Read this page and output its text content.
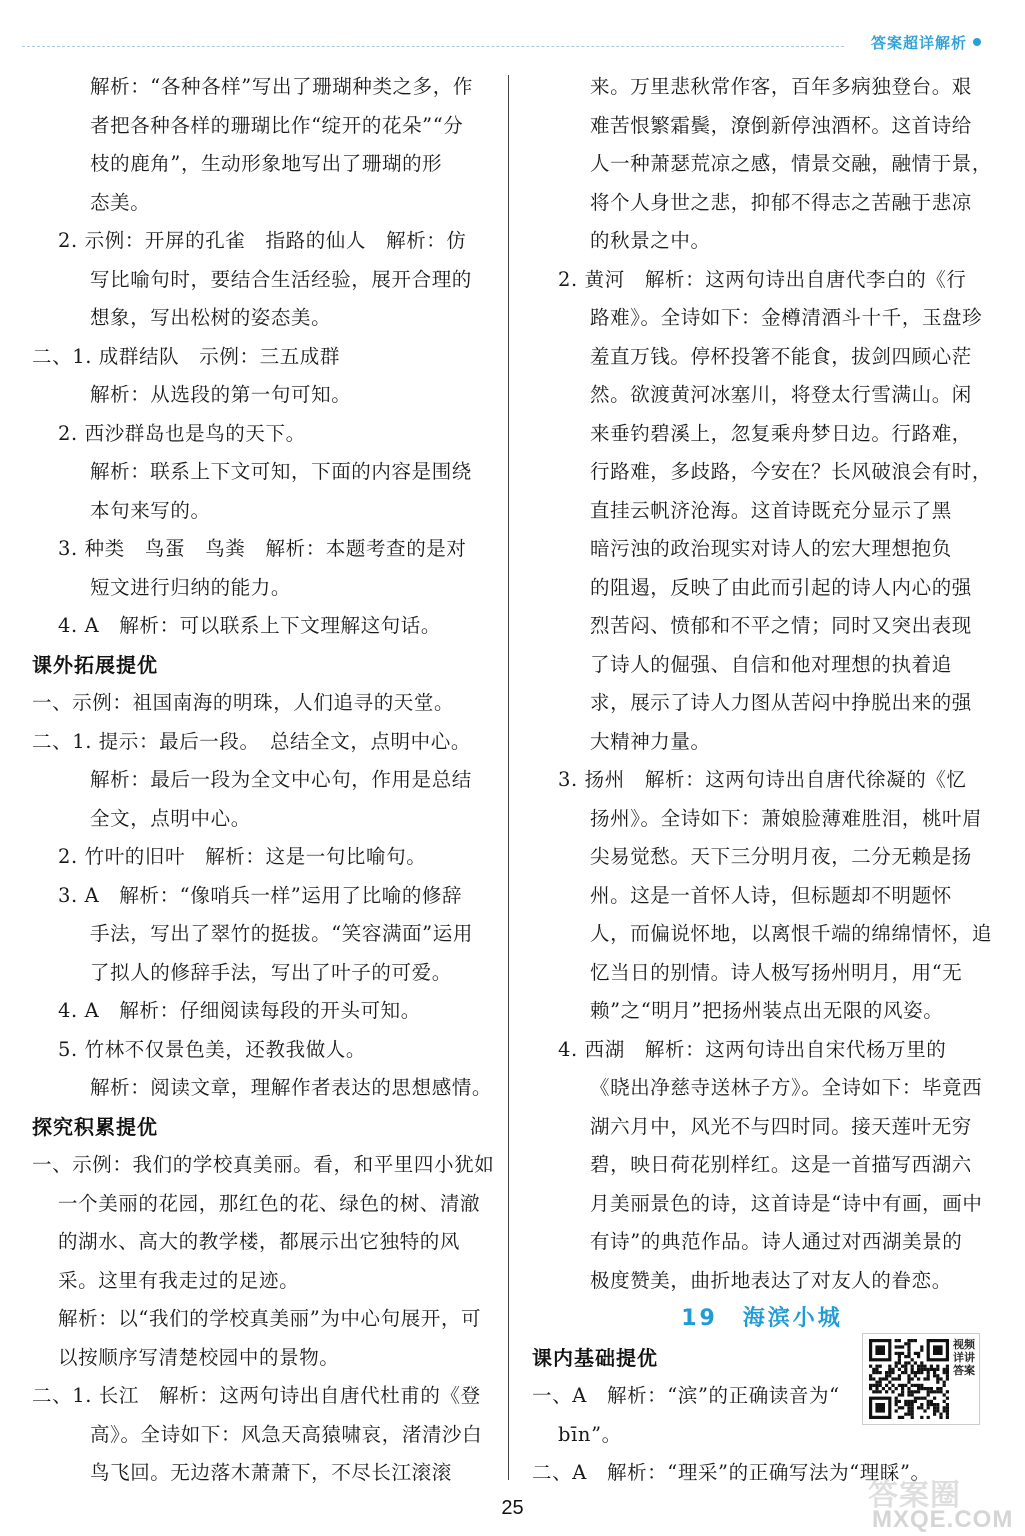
答案超详解析
解析：“各种各样”写出了珊瑚种类之多，作
者把各种各样的珊瑚比作“绽开的花朵”“分
枝的鹿角”，生动形象地写出了珊瑚的形
态美。
2. 示例：开屏的孔雀　指路的仙人　解析：仿
写比喻句时，要结合生活经验，展开合理的
想象，写出松树的姿态美。
二、1. 成群结队　示例：三五成群
解析：从选段的第一句可知。
2. 西沙群岛也是鸟的天下。
解析：联系上下文可知，下面的内容是围绕
本句来写的。
3. 种类　鸟蛋　鸟粪　解析：本题考查的是对
短文进行归纳的能力。
4. A　解析：可以联系上下文理解这句话。
课外拓展提优
一、示例：祖国南海的明珠，人们追寻的天堂。
二、1. 提示：最后一段。　总结全文，点明中心。
解析：最后一段为全文中心句，作用是总结
全文，点明中心。
2. 竹叶的旧叶　解析：这是一句比喻句。
3. A　解析：“像哨兵一样”运用了比喻的修辞
手法，写出了翠竹的挺拔。“笑容满面”运用
了拟人的修辞手法，写出了叶子的可爱。
4. A　解析：仔细阅读每段的开头可知。
5. 竹林不仅景色美，还教我做人。
解析：阅读文章，理解作者表达的思想感情。
探究积累提优
一、示例：我们的学校真美丽。看，和平里四小犹如
一个美丽的花园，那红色的花、绿色的树、清澈
的湖水、高大的教学楼，都展示出它独特的风
采。这里有我走过的足迹。
解析：以“我们的学校真美丽”为中心句展开，可
以按顺序写清楚校园中的景物。
二、1. 长江　解析：这两句诗出自唐代杜甫的《登
高》。全诗如下：风急天高猿啸哀，渚清沙白
鸟飞回。无边落木萧萧下，不尽长江滚滚
来。万里悲秋常作客，百年多病独登台。艰
难苦恨繁霜鬓，潦倒新停浊酒杯。这首诗给
人一种萧瑟荒凉之感，情景交融，融情于景，
将个人身世之悲，抑郁不得志之苦融于悲凉
的秋景之中。
2. 黄河　解析：这两句诗出自唐代李白的《行
路难》。全诗如下：金樽清酒斗十千，玉盘珍
羞直万钱。停杯投箸不能食，拔剑四顾心茫
然。欲渡黄河冰塞川，将登太行雪满山。闲
来垂钓碧溪上，忽复乘舟梦日边。行路难，
行路难，多歧路，今安在？长风破浪会有时，
直挂云帆济沧海。这首诗既充分显示了黑
暗污浊的政治现实对诗人的宏大理想抱负
的阻遏，反映了由此而引起的诗人内心的强
烈苦闷、愤郁和不平之情；同时又突出表现
了诗人的倔强、自信和他对理想的执着追
求，展示了诗人力图从苦闷中挣脱出来的强
大精神力量。
3. 扬州　解析：这两句诗出自唐代徐凝的《忆
扬州》。全诗如下：萧娘脸薄难胜泪，桃叶眉
尖易觉愁。天下三分明月夜，二分无赖是扬
州。这是一首怀人诗，但标题却不明题怀
人，而偏说怀地，以离恨千端的绵绵情怀，追
忆当日的别情。诗人极写扬州明月，用“无
赖”之“明月”把扬州装点出无限的风姿。
4. 西湖　解析：这两句诗出自宋代杨万里的
《晓出净慈寺送林子方》。全诗如下：毕竟西
湖六月中，风光不与四时同。接天莲叶无穷
碧，映日荷花别样红。这是一首描写西湖六
月美丽景色的诗，这首诗是“诗中有画，画中
有诗”的典范作品。诗人通过对西湖美景的
极度赞美，曲折地表达了对友人的眷恋。
19　海滨小城
课内基础提优
一、A　解析：“滨”的正确读音为“
bīn”。
二、A　解析：“理采”的正确写法为“理睬”。
视频详讲答案
25	答案圈
MXQE.COM
